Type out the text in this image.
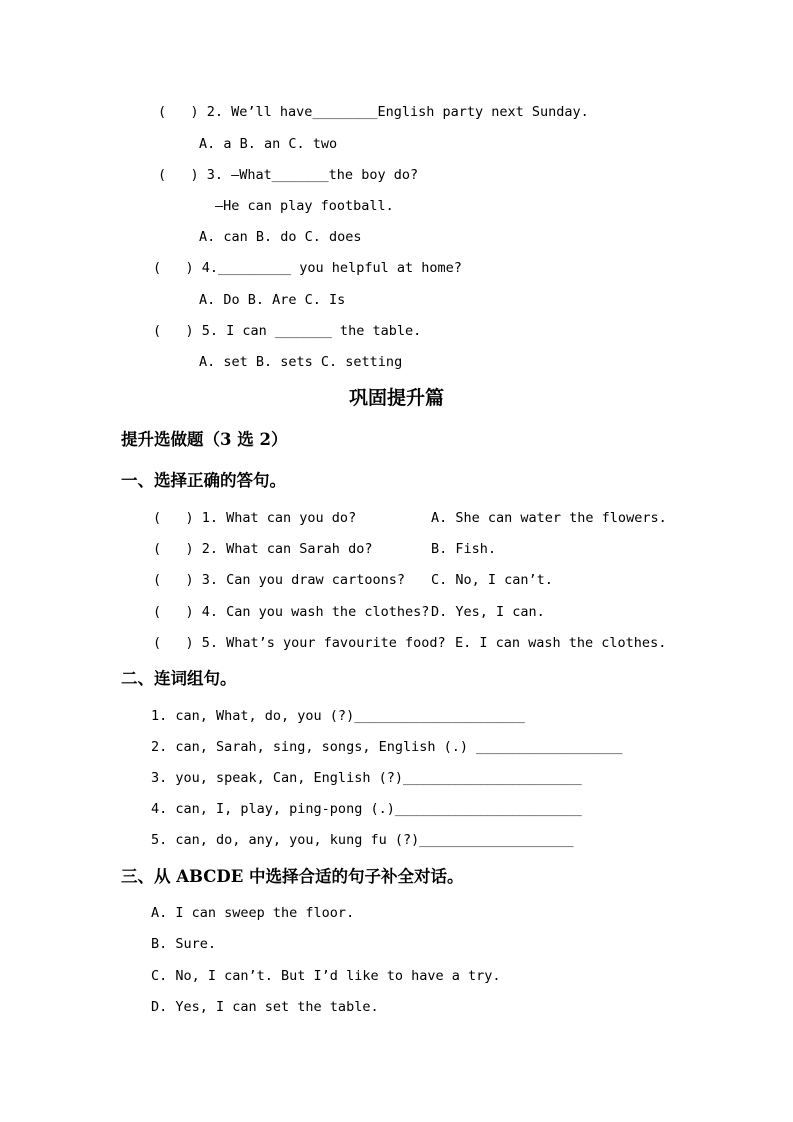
(   ) 2. We’ll have________English party next Sunday.
A. a B. an C. two
(   ) 3. —What_______the boy do?
—He can play football.
A. can B. do C. does
(   ) 4._________ you helpful at home?
A. Do B. Are C. Is
(   ) 5. I can _______ the table.
A. set B. sets C. setting
巩固提升篇
提升选做题（3 选 2）
一、选择正确的答句。
(   ) 1. What can you do?	A. She can water the flowers.
(   ) 2. What can Sarah do?	B. Fish.
(   ) 3. Can you draw cartoons? C. No, I can’t.
(   ) 4. Can you wash the clothes? D. Yes, I can.
(   ) 5. What’s your favourite food? E. I can wash the clothes.
二、连词组句。
1. can, What, do, you (?)_____________________
2. can, Sarah, sing, songs, English (.) __________________
3. you, speak, Can, English (?)______________________
4. can, I, play, ping-pong (.)_______________________
5. can, do, any, you, kung fu (?)___________________
三、从 ABCDE 中选择合适的句子补全对话。
A. I can sweep the floor.
B. Sure.
C. No, I can’t. But I’d like to have a try.
D. Yes, I can set the table.
